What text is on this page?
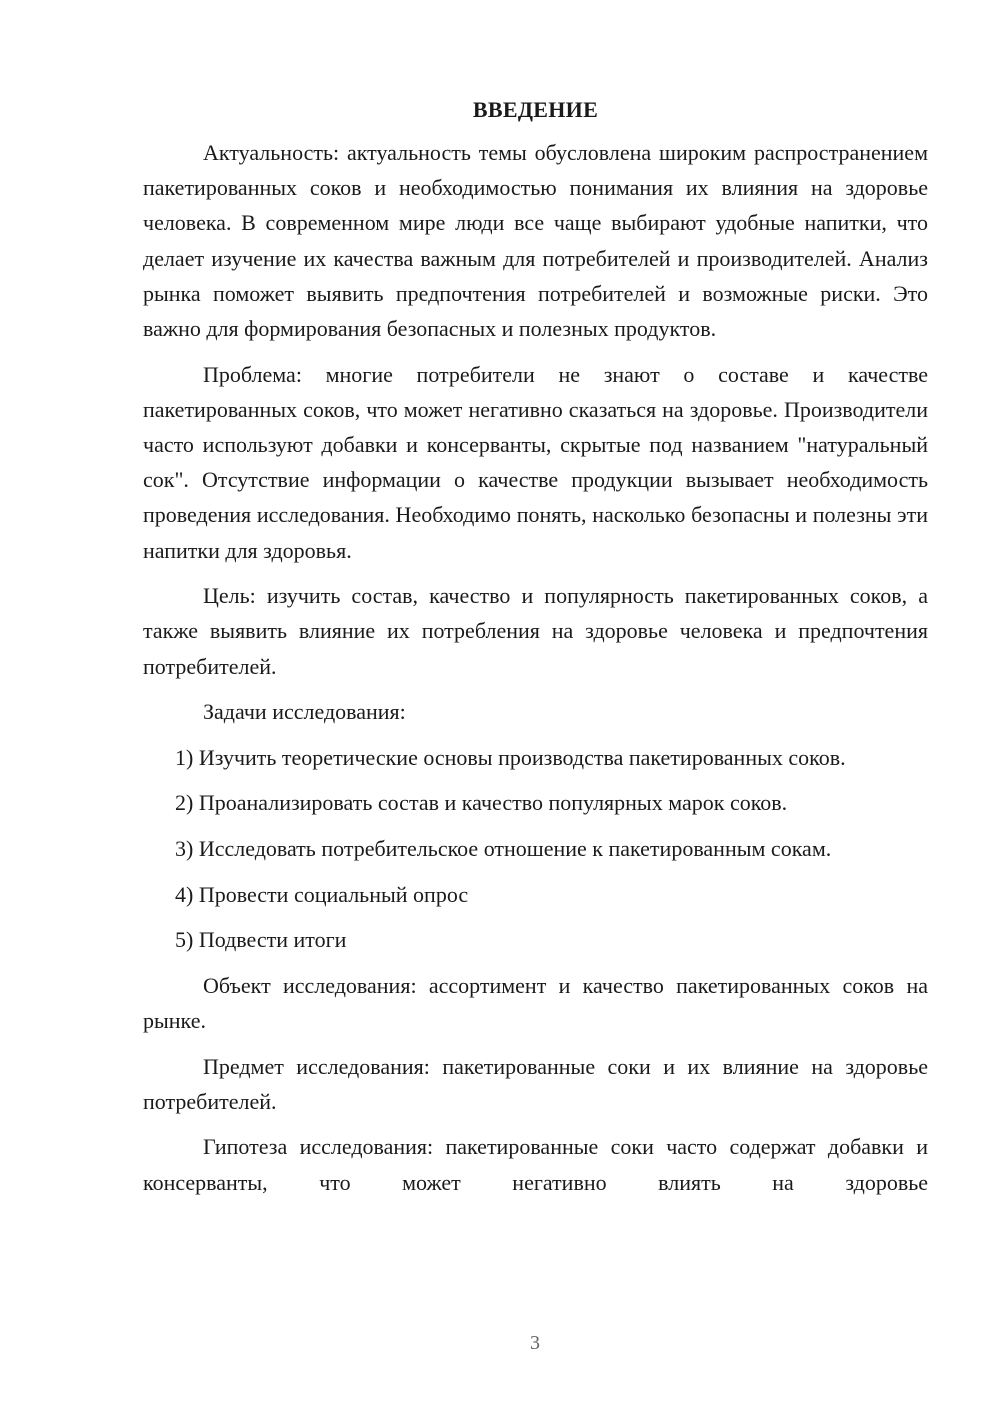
ВВЕДЕНИЕ

Актуальность: актуальность темы обусловлена широким распространением пакетированных соков и необходимостью понимания их влияния на здоровье человека. В современном мире люди все чаще выбирают удобные напитки, что делает изучение их качества важным для потребителей и производителей. Анализ рынка поможет выявить предпочтения потребителей и возможные риски. Это важно для формирования безопасных и полезных продуктов.

Проблема: многие потребители не знают о составе и качестве пакетированных соков, что может негативно сказаться на здоровье. Производители часто используют добавки и консерванты, скрытые под названием "натуральный сок". Отсутствие информации о качестве продукции вызывает необходимость проведения исследования. Необходимо понять, насколько безопасны и полезны эти напитки для здоровья.

Цель: изучить состав, качество и популярность пакетированных соков, а также выявить влияние их потребления на здоровье человека и предпочтения потребителей.

Задачи исследования:

1) Изучить теоретические основы производства пакетированных соков.

2) Проанализировать состав и качество популярных марок соков.

3) Исследовать потребительское отношение к пакетированным сокам.

4) Провести социальный опрос

5) Подвести итоги

Объект исследования: ассортимент и качество пакетированных соков на рынке.

Предмет исследования: пакетированные соки и их влияние на здоровье потребителей.

Гипотеза исследования: пакетированные соки часто содержат добавки и консерванты, что может негативно влиять на здоровье

3
